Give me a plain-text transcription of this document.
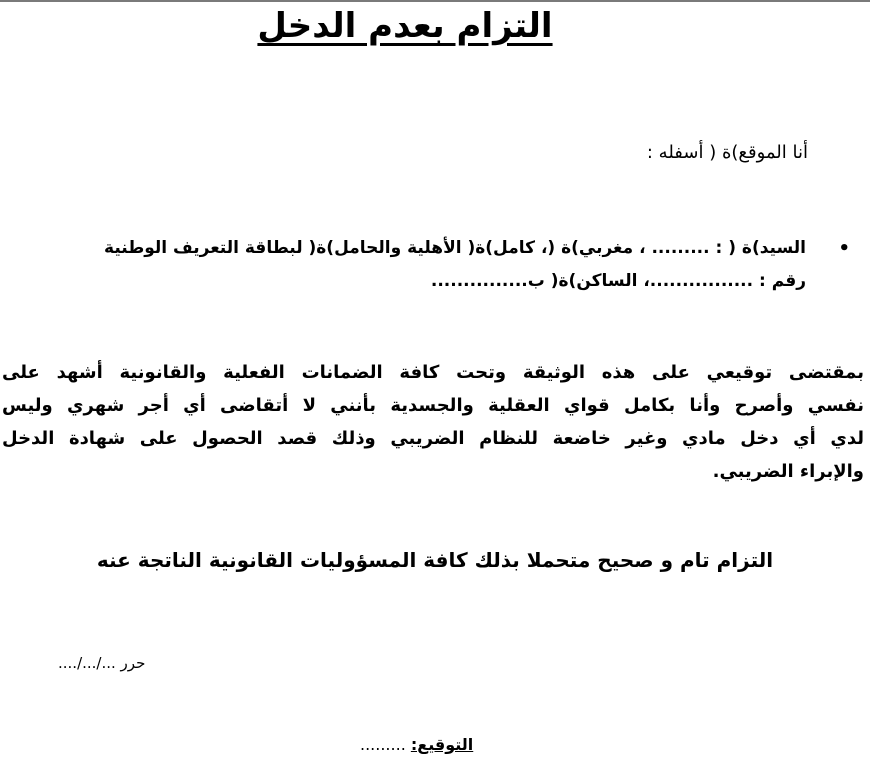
التزام بعدم الدخل
أنا الموقع)ة ( أسفله :
•
السيد)ة ( : ......... ، مغربي)ة (، كامل)ة( الأهلية والحامل)ة( لبطاقة التعريف الوطنية
رقم : ................، الساكن)ة( ب...............
بمقتضى توقيعي على هذه الوثيقة وتحت كافة الضمانات الفعلية والقانونية أشهد على
نفسي وأصرح وأنا بكامل قواي العقلية والجسدية بأنني لا أتقاضى أي أجر شهري وليس
لدي أي دخل مادي وغير خاضعة للنظام الضريبي وذلك قصد الحصول على شهادة الدخل
والإبراء الضريبي.
التزام تام و صحيح متحملا بذلك كافة المسؤوليات القانونية الناتجة عنه
حرر .../.../....
التوقيع: .........
